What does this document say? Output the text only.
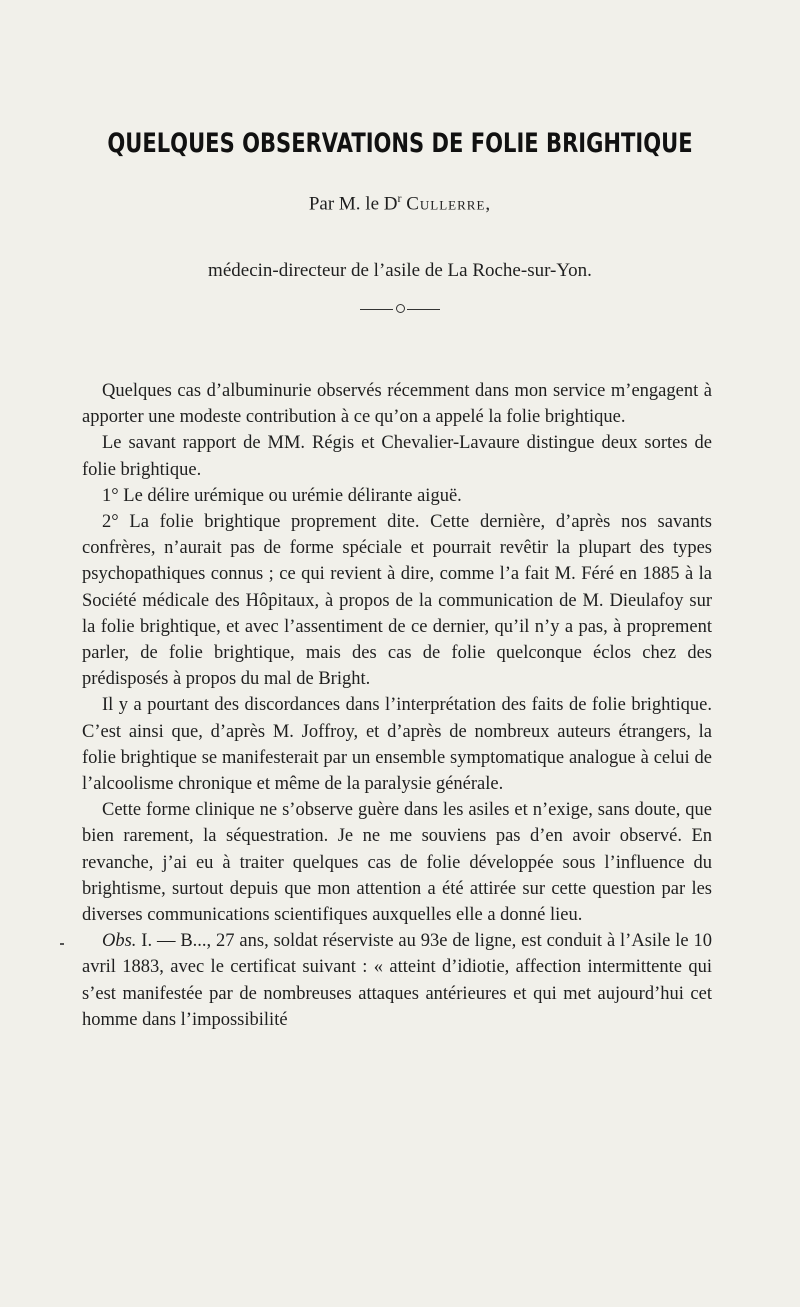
QUELQUES OBSERVATIONS DE FOLIE BRIGHTIQUE
Par M. le $D^r$ Cullerre,
médecin-directeur de l’asile de La Roche-sur-Yon.

Quelques cas d’albuminurie observés récemment dans mon service m’engagent à apporter une modeste contribution à ce qu’on a appelé la folie brightique.

Le savant rapport de MM. Régis et Chevalier-Lavaure distingue deux sortes de folie brightique.

1° Le délire urémique ou urémie délirante aiguë.

2° La folie brightique proprement dite. Cette dernière, d’après nos savants confrères, n’aurait pas de forme spéciale et pourrait revêtir la plupart des types psychopathiques connus ; ce qui revient à dire, comme l’a fait M. Féré en 1885 à la Société médicale des Hôpitaux, à propos de la communication de M. Dieulafoy sur la folie brightique, et avec l’assentiment de ce dernier, qu’il n’y a pas, à proprement parler, de folie brightique, mais des cas de folie quelconque éclos chez des prédisposés à propos du mal de Bright.

Il y a pourtant des discordances dans l’interprétation des faits de folie brightique. C’est ainsi que, d’après M. Joffroy, et d’après de nombreux auteurs étrangers, la folie brightique se manifesterait par un ensemble symptomatique analogue à celui de l’alcoolisme chronique et même de la paralysie générale.

Cette forme clinique ne s’observe guère dans les asiles et n’exige, sans doute, que bien rarement, la séquestration. Je ne me souviens pas d’en avoir observé. En revanche, j’ai eu à traiter quelques cas de folie développée sous l’influence du brightisme, surtout depuis que mon attention a été attirée sur cette question par les diverses communications scientifiques auxquelles elle a donné lieu.

Obs. I. — B..., 27 ans, soldat réserviste au 93e de ligne, est conduit à l’Asile le 10 avril 1883, avec le certificat suivant : « atteint d’idiotie, affection intermittente qui s’est manifestée par de nombreuses attaques antérieures et qui met aujourd’hui cet homme dans l’impossibilité
